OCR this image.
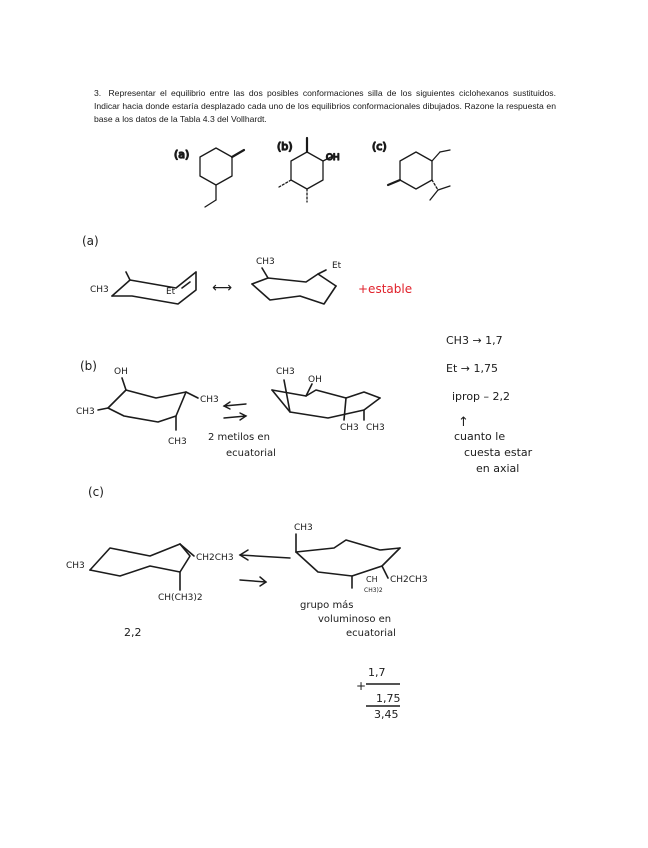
3. Representar el equilibrio entre las dos posibles conformaciones silla de los siguientes ciclohexanos sustituidos. Indicar hacia donde estaría desplazado cada uno de los equilibrios conformacionales dibujados. Razone la respuesta en base a los datos de la Tabla 4.3 del Vollhardt.
(a)
(b)
OH
(c)
(a)
CH3	Et	⟷
CH3	Et
+estable
(b) OH
CH3
CH3
CH3 2 metilos en
ecuatorial
CH3
OH
CH3 CH3
CH3 → 1,7
Et → 1,75
iprop – 2,2
↑
cuanto le
cuesta estar
en axial
(c)
CH3
CH2CH3
CH(CH3)2
CH3
CH
CH3)2
CH2CH3
grupo más
voluminoso en
ecuatorial
2,2
+
1,7
1,75
3,45
